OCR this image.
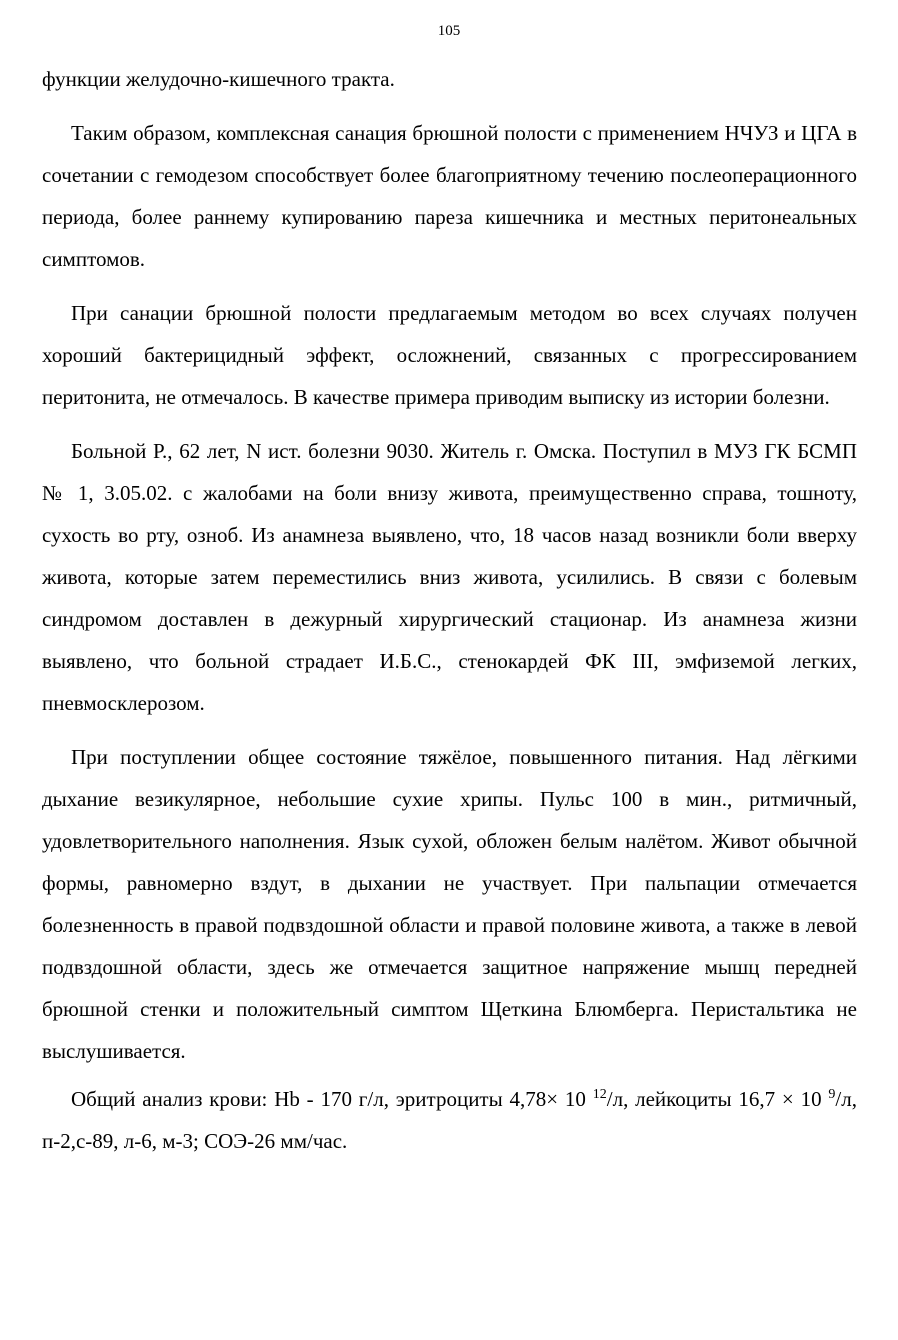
105

функции желудочно-кишечного тракта.

Таким образом, комплексная санация брюшной полости с применением НЧУЗ и ЦГА в сочетании с гемодезом способствует более благоприятному течению послеоперационного периода, более раннему купированию пареза кишечника и местных перитонеальных симптомов.

При санации брюшной полости предлагаемым методом во всех случаях получен хороший бактерицидный эффект, осложнений, связанных с прогрессированием перитонита, не отмечалось. В качестве примера приводим выписку из истории болезни.

Больной Р., 62 лет, N ист. болезни 9030. Житель г. Омска. Поступил в МУЗ ГК БСМП № 1, 3.05.02. с жалобами на боли внизу живота, преимущественно справа, тошноту, сухость во рту, озноб. Из анамнеза выявлено, что, 18 часов назад возникли боли вверху живота, которые затем переместились вниз живота, усилились. В связи с болевым синдромом доставлен в дежурный хирургический стационар. Из анамнеза жизни выявлено, что больной страдает И.Б.С., стенокардей ФК III, эмфиземой легких, пневмосклерозом.

При поступлении общее состояние тяжёлое, повышенного питания. Над лёгкими дыхание везикулярное, небольшие сухие хрипы. Пульс 100 в мин., ритмичный, удовлетворительного наполнения. Язык сухой, обложен белым налётом. Живот обычной формы, равномерно вздут, в дыхании не участвует. При пальпации отмечается болезненность в правой подвздошной области и правой половине живота, а также в левой подвздошной области, здесь же отмечается защитное напряжение мышц передней брюшной стенки и положительный симптом Щеткина Блюмберга. Перистальтика не выслушивается.

Общий анализ крови: Hb - 170 г/л, эритроциты 4,78× 10 $^{12}$/л, лейкоциты 16,7 × 10 $^9$/л, п-2,с-89, л-6, м-3; СОЭ-26 мм/час.
